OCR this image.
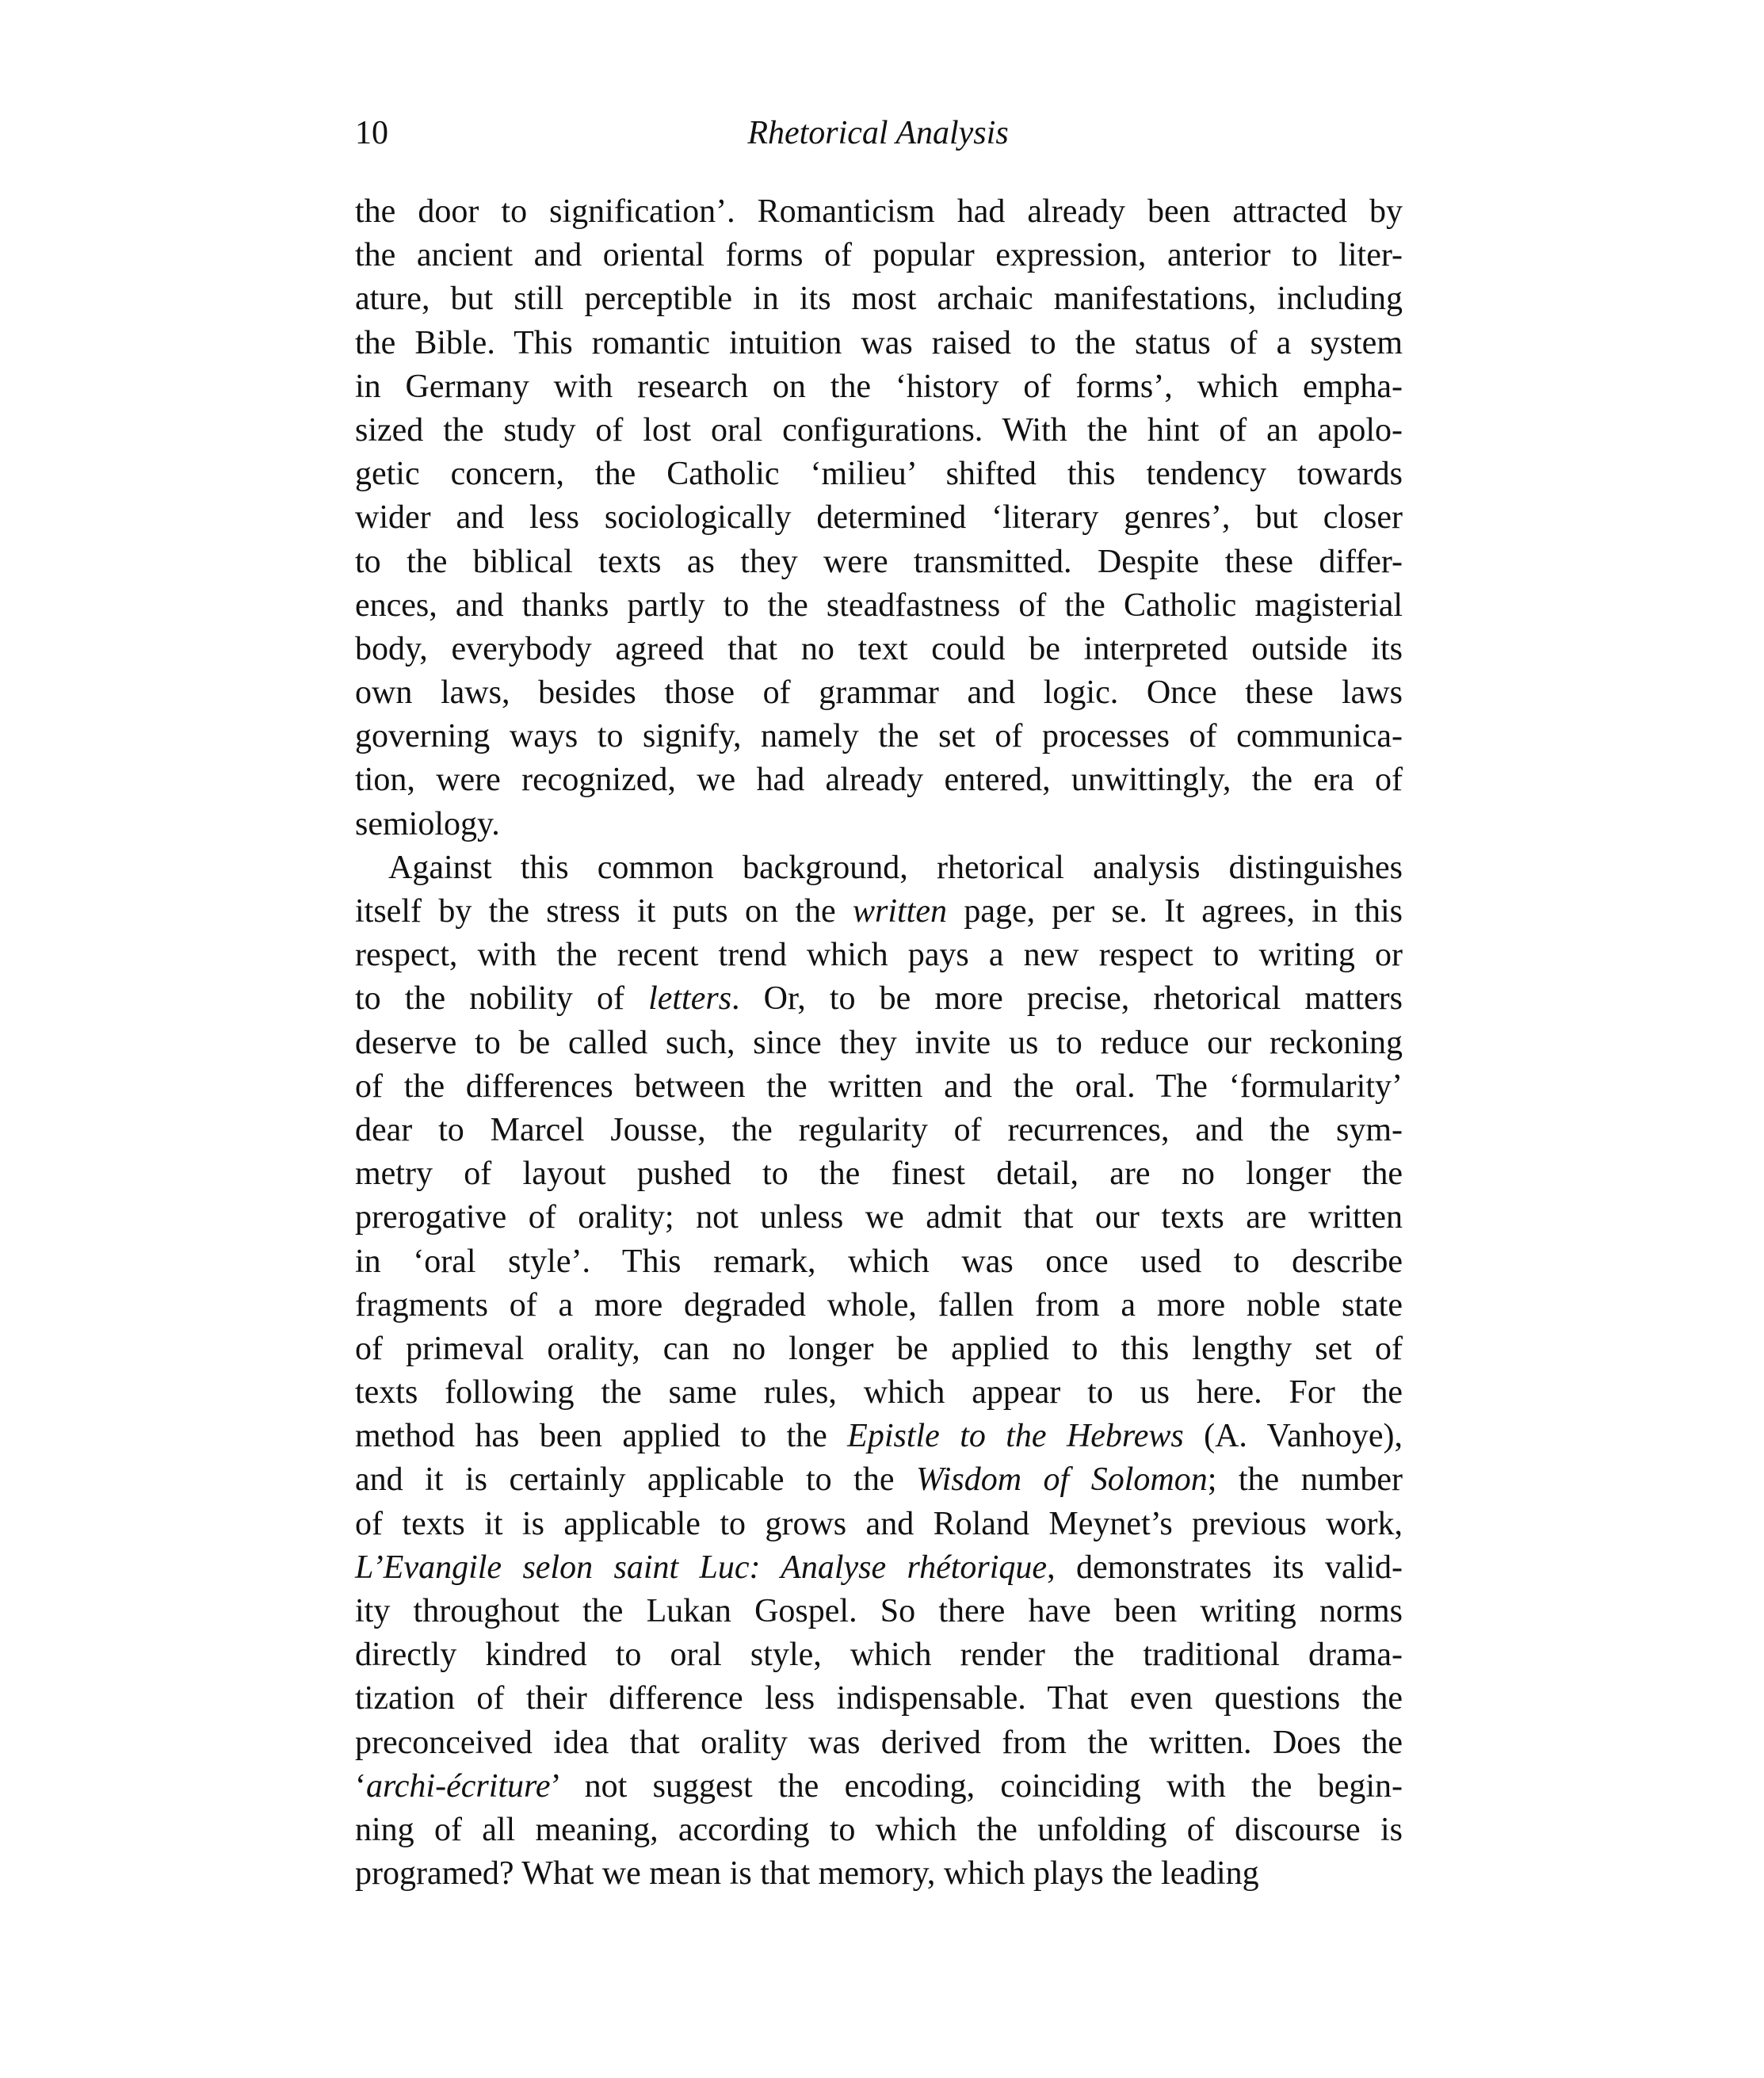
10	Rhetorical Analysis
the door to signification’. Romanticism had already been attracted by
the ancient and oriental forms of popular expression, anterior to liter-
ature, but still perceptible in its most archaic manifestations, including
the Bible. This romantic intuition was raised to the status of a system
in Germany with research on the ‘history of forms’, which empha-
sized the study of lost oral configurations. With the hint of an apolo-
getic concern, the Catholic ‘milieu’ shifted this tendency towards
wider and less sociologically determined ‘literary genres’, but closer
to the biblical texts as they were transmitted. Despite these differ-
ences, and thanks partly to the steadfastness of the Catholic magisterial
body, everybody agreed that no text could be interpreted outside its
own laws, besides those of grammar and logic. Once these laws
governing ways to signify, namely the set of processes of communica-
tion, were recognized, we had already entered, unwittingly, the era of
semiology.
Against this common background, rhetorical analysis distinguishes
itself by the stress it puts on the written page, per se. It agrees, in this
respect, with the recent trend which pays a new respect to writing or
to the nobility of letters. Or, to be more precise, rhetorical matters
deserve to be called such, since they invite us to reduce our reckoning
of the differences between the written and the oral. The ‘formularity’
dear to Marcel Jousse, the regularity of recurrences, and the sym-
metry of layout pushed to the finest detail, are no longer the
prerogative of orality; not unless we admit that our texts are written
in ‘oral style’. This remark, which was once used to describe
fragments of a more degraded whole, fallen from a more noble state
of primeval orality, can no longer be applied to this lengthy set of
texts following the same rules, which appear to us here. For the
method has been applied to the Epistle to the Hebrews (A. Vanhoye),
and it is certainly applicable to the Wisdom of Solomon; the number
of texts it is applicable to grows and Roland Meynet’s previous work,
L’Evangile selon saint Luc: Analyse rhétorique, demonstrates its valid-
ity throughout the Lukan Gospel. So there have been writing norms
directly kindred to oral style, which render the traditional drama-
tization of their difference less indispensable. That even questions the
preconceived idea that orality was derived from the written. Does the
‘archi-écriture’ not suggest the encoding, coinciding with the begin-
ning of all meaning, according to which the unfolding of discourse is
programed? What we mean is that memory, which plays the leading
